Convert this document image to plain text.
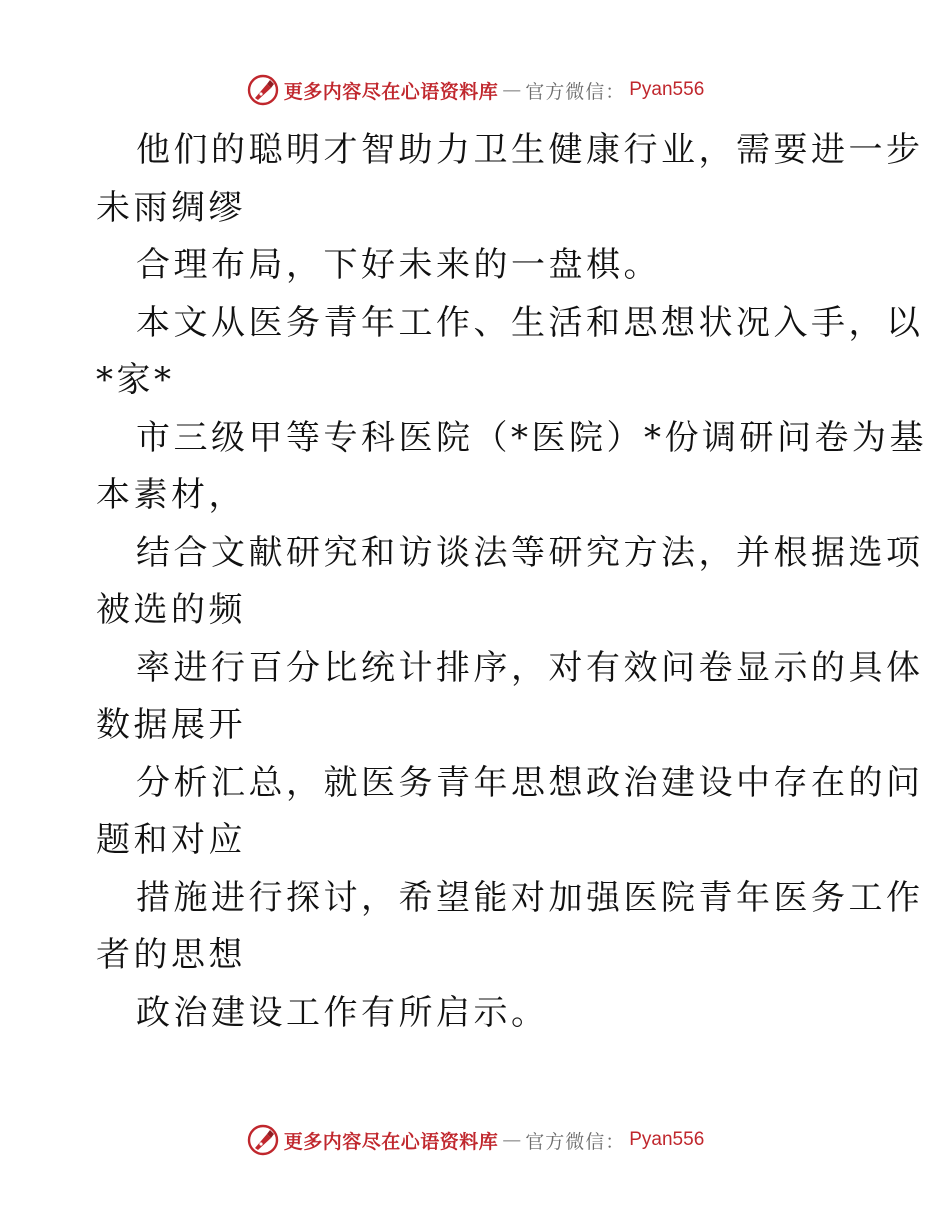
更多内容尽在心语资料库 — 官方微信： Pyan556
他们的聪明才智助力卫生健康行业，需要进一步
未雨绸缪
合理布局，下好未来的一盘棋。
本文从医务青年工作、生活和思想状况入手，以
*家*
市三级甲等专科医院（*医院）*份调研问卷为基
本素材，
结合文献研究和访谈法等研究方法，并根据选项
被选的频
率进行百分比统计排序，对有效问卷显示的具体
数据展开
分析汇总，就医务青年思想政治建设中存在的问
题和对应
措施进行探讨，希望能对加强医院青年医务工作
者的思想
政治建设工作有所启示。
更多内容尽在心语资料库 — 官方微信： Pyan556
